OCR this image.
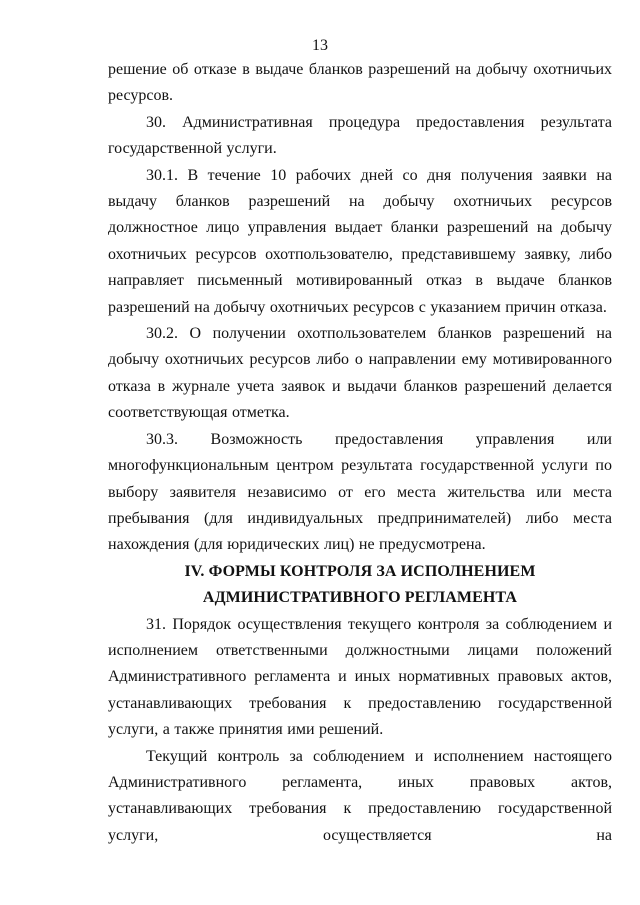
13

решение об отказе в выдаче бланков разрешений на добычу охотничьих ресурсов.

30. Административная процедура предоставления результата государственной услуги.

30.1. В течение 10 рабочих дней со дня получения заявки на выдачу бланков разрешений на добычу охотничьих ресурсов должностное лицо управления выдает бланки разрешений на добычу охотничьих ресурсов охотпользователю, представившему заявку, либо направляет письменный мотивированный отказ в выдаче бланков разрешений на добычу охотничьих ресурсов с указанием причин отказа.

30.2. О получении охотпользователем бланков разрешений на добычу охотничьих ресурсов либо о направлении ему мотивированного отказа в журнале учета заявок и выдачи бланков разрешений делается соответствующая отметка.

30.3. Возможность предоставления управления или многофункциональным центром результата государственной услуги по выбору заявителя независимо от его места жительства или места пребывания (для индивидуальных предпринимателей) либо места нахождения (для юридических лиц) не предусмотрена.

IV. ФОРМЫ КОНТРОЛЯ ЗА ИСПОЛНЕНИЕМ

АДМИНИСТРАТИВНОГО РЕГЛАМЕНТА

31. Порядок осуществления текущего контроля за соблюдением и исполнением ответственными должностными лицами положений Административного регламента и иных нормативных правовых актов, устанавливающих требования к предоставлению государственной услуги, а также принятия ими решений.

Текущий контроль за соблюдением и исполнением настоящего Административного регламента, иных правовых актов, устанавливающих требования к предоставлению государственной услуги, осуществляется на
